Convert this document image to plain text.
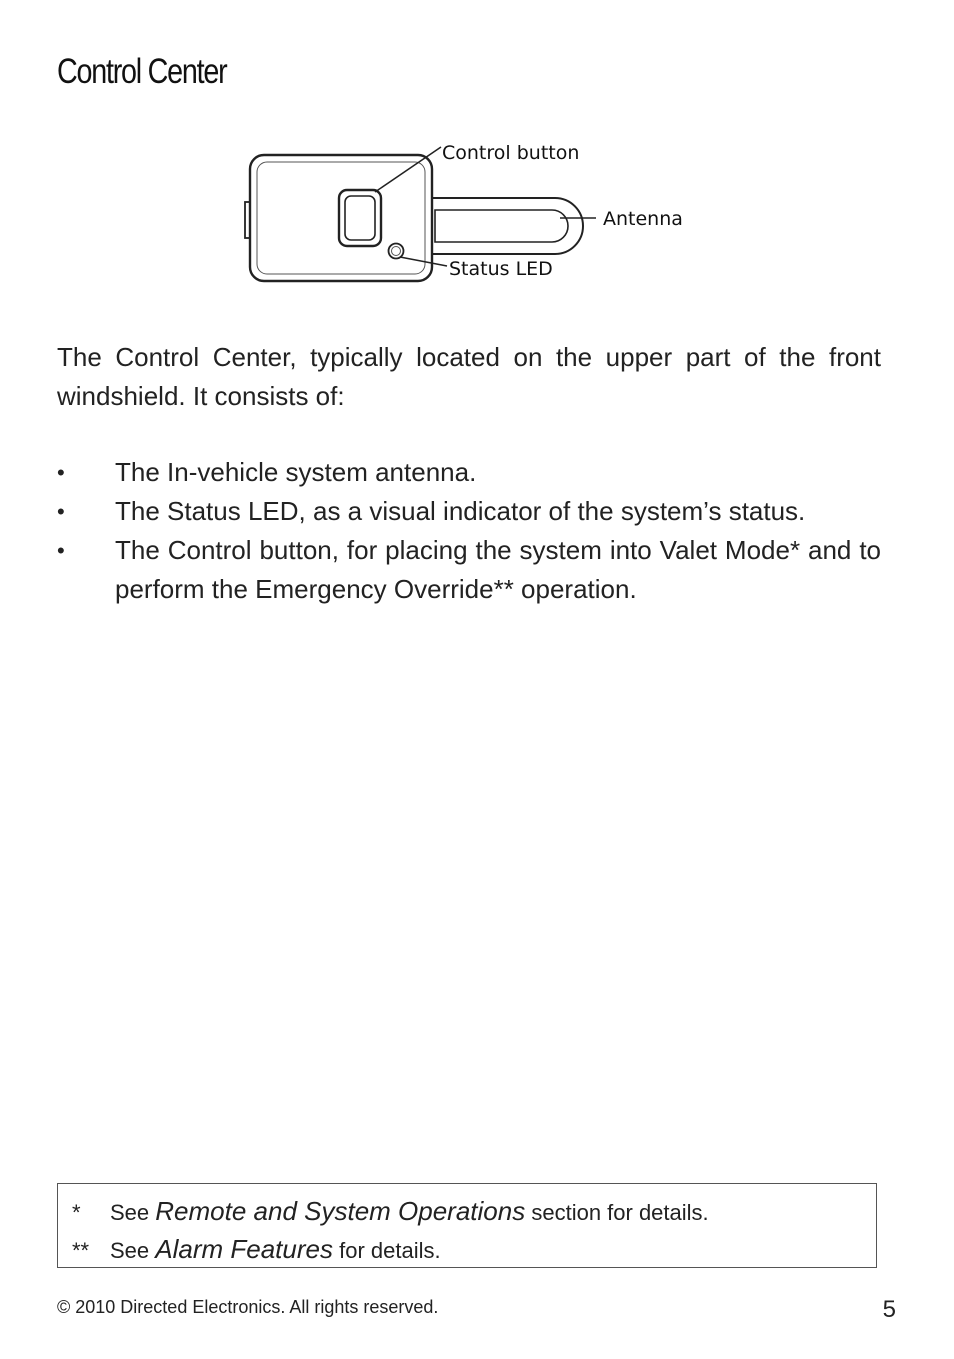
Control Center
Control button
Antenna
Status LED

The Control Center, typically located on the upper part of the front windshield. It consists of:

•	The In-vehicle system antenna.
•	The Status LED, as a visual indicator of the system’s status.
•	The Control button, for placing the system into Valet Mode* and to perform the Emergency Override** operation.
* See Remote and System Operations section for details.
** See Alarm Features for details.
© 2010 Directed Electronics. All rights reserved.	5
